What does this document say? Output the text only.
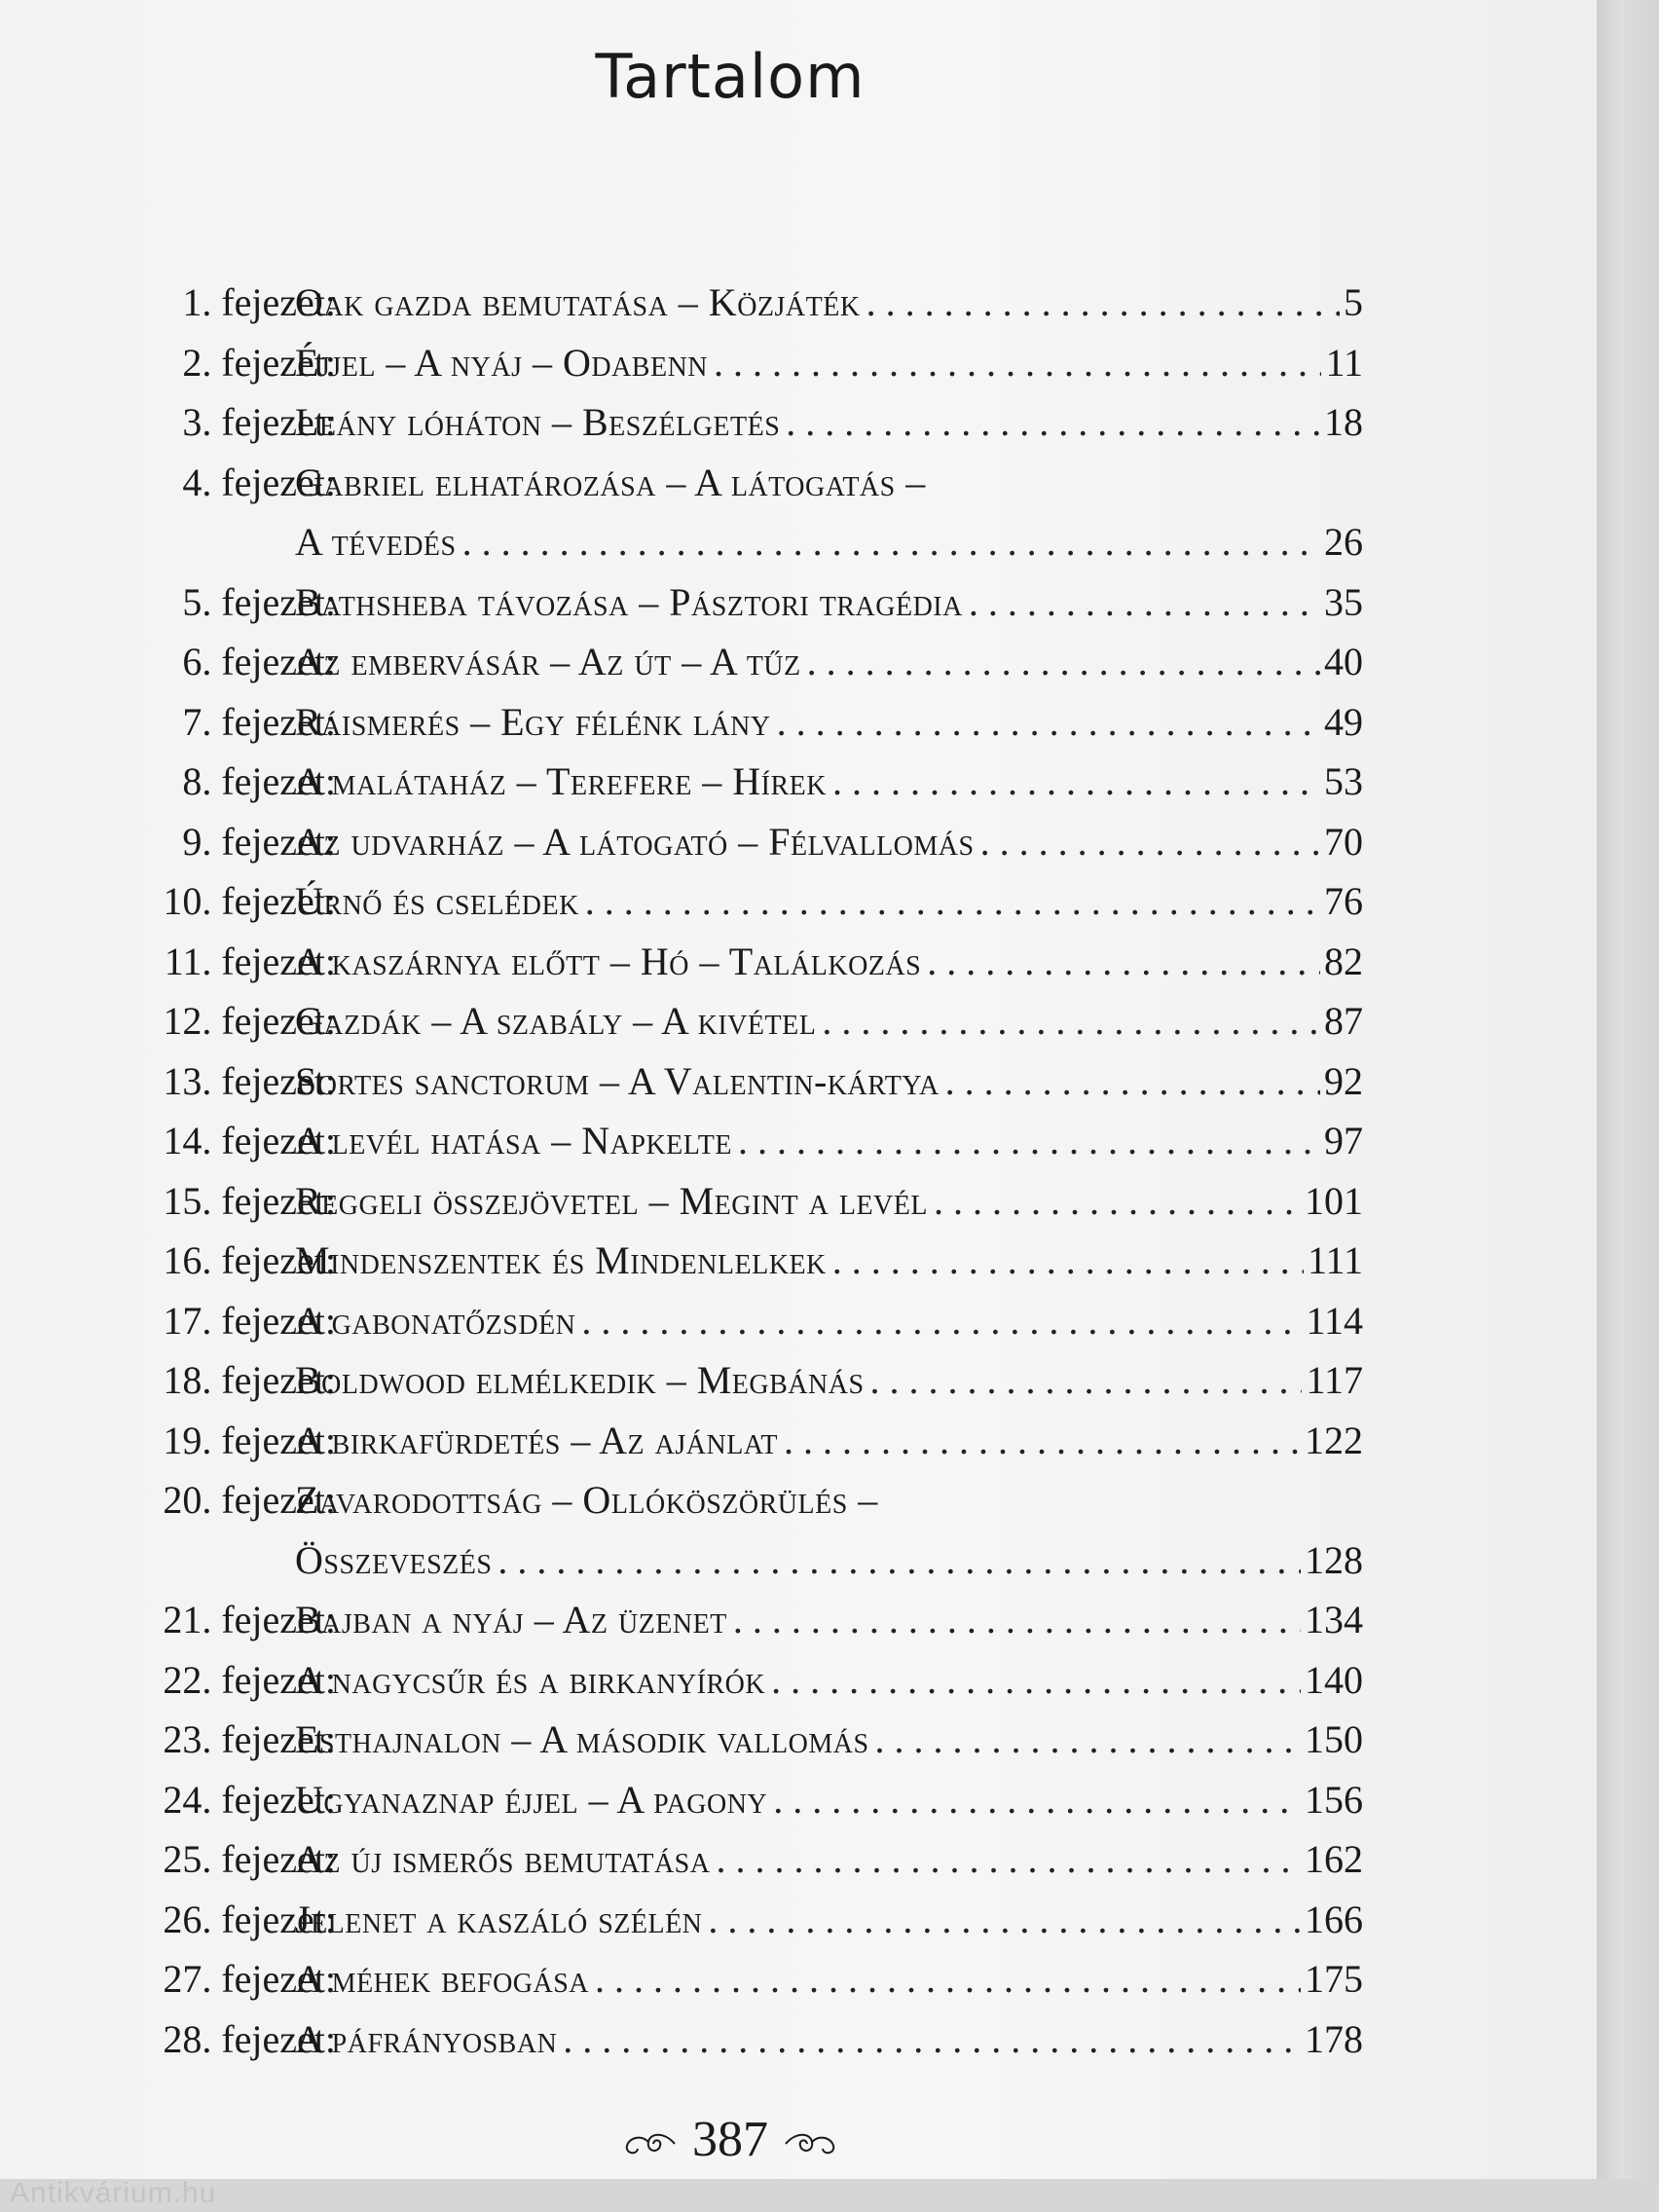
Tartalom
1. fejezet:
Oak gazda bemutatása – Közjáték . . .	5
2. fejezet:
Éjjel – A nyáj – Odabenn . . .	11
3. fejezet:
Leány lóháton – Beszélgetés . . .	18
4. fejezet:
Gabriel elhatározása – A látogatás –
A tévedés . . .	26
5. fejezet:
Bathsheba távozása – Pásztori tragédia . . .	35
6. fejezet:
Az embervásár – Az út – A tűz . . .	40
7. fejezet:
Ráismerés – Egy félénk lány . . .	49
8. fejezet:
A malátaház – Terefere – Hírek . . .	53
9. fejezet:
Az udvarház – A látogató – Félvallomás . . .	70
10. fejezet:
Úrnő és cselédek . . .	76
11. fejezet:
A kaszárnya előtt – Hó – Találkozás . . .	82
12. fejezet:
Gazdák – A szabály – A kivétel . . .	87
13. fejezet:
Sortes sanctorum – A Valentin-kártya . . .	92
14. fejezet:
A levél hatása – Napkelte . . .	97
15. fejezet:
Reggeli összejövetel – Megint a levél . . .	101
16. fejezet:
Mindenszentek és Mindenlelkek . . .	111
17. fejezet:
A gabonatőzsdén . . .	114
18. fejezet:
Boldwood elmélkedik – Megbánás . . .	117
19. fejezet:
A birkafürdetés – Az ajánlat . . .	122
20. fejezet:
Zavarodottság – Ollóköszörülés –
Összeveszés . . .	128
21. fejezet:
Bajban a nyáj – Az üzenet . . .	134
22. fejezet:
A nagycsűr és a birkanyírók . . .	140
23. fejezet:
Esthajnalon – A második vallomás . . .	150
24. fejezet:
Ugyanaznap éjjel – A pagony . . .	156
25. fejezet:
Az új ismerős bemutatása . . .	162
26. fejezet:
Jelenet a kaszáló szélén . . .	166
27. fejezet:
A méhek befogása . . .	175
28. fejezet:
A páfrányosban . . .	178
387
Antikvárium.hu
